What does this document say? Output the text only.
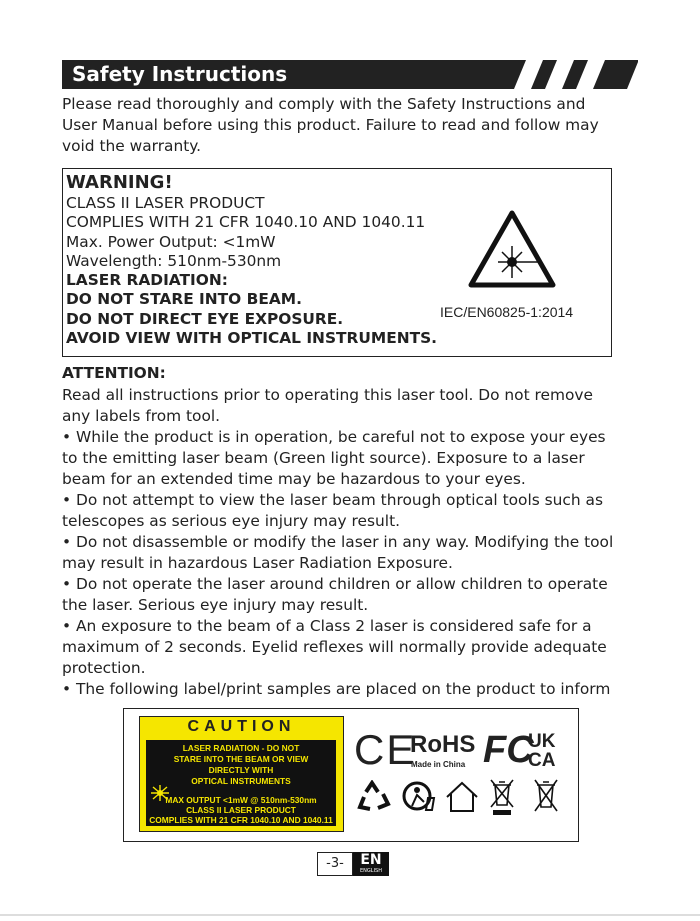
Safety Instructions

Please read thoroughly and comply with the Safety Instructions and User Manual before using this product. Failure to read and follow may void the warranty.

WARNING!
CLASS II LASER PRODUCT
COMPLIES WITH 21 CFR 1040.10 AND 1040.11
Max. Power Output: <1mW
Wavelength: 510nm-530nm
LASER RADIATION:
DO NOT STARE INTO BEAM.
DO NOT DIRECT EYE EXPOSURE.
AVOID VIEW WITH OPTICAL INSTRUMENTS.
IEC/EN60825-1:2014
ATTENTION:
Read all instructions prior to operating this laser tool. Do not remove any labels from tool.
• While the product is in operation, be careful not to expose your eyes to the emitting laser beam (Green light source). Exposure to a laser beam for an extended time may be hazardous to your eyes.
• Do not attempt to view the laser beam through optical tools such as telescopes as serious eye injury may result.
• Do not disassemble or modify the laser in any way. Modifying the tool may result in hazardous Laser Radiation Exposure.
• Do not operate the laser around children or allow children to operate the laser. Serious eye injury may result.
• An exposure to the beam of a Class 2 laser is considered safe for a maximum of 2 seconds. Eyelid reflexes will normally provide adequate protection.
• The following label/print samples are placed on the product to inform
CAUTION
LASER RADIATION - DO NOT
STARE INTO THE BEAM OR VIEW
DIRECTLY WITH
OPTICAL INSTRUMENTS
MAX OUTPUT <1mW @ 510nm-530nm
CLASS II LASER PRODUCT
COMPLIES WITH 21 CFR 1040.10 AND 1040.11
CE
RoHS
Made in China FC
UK
CA
-3-	EN
ENGLISH
